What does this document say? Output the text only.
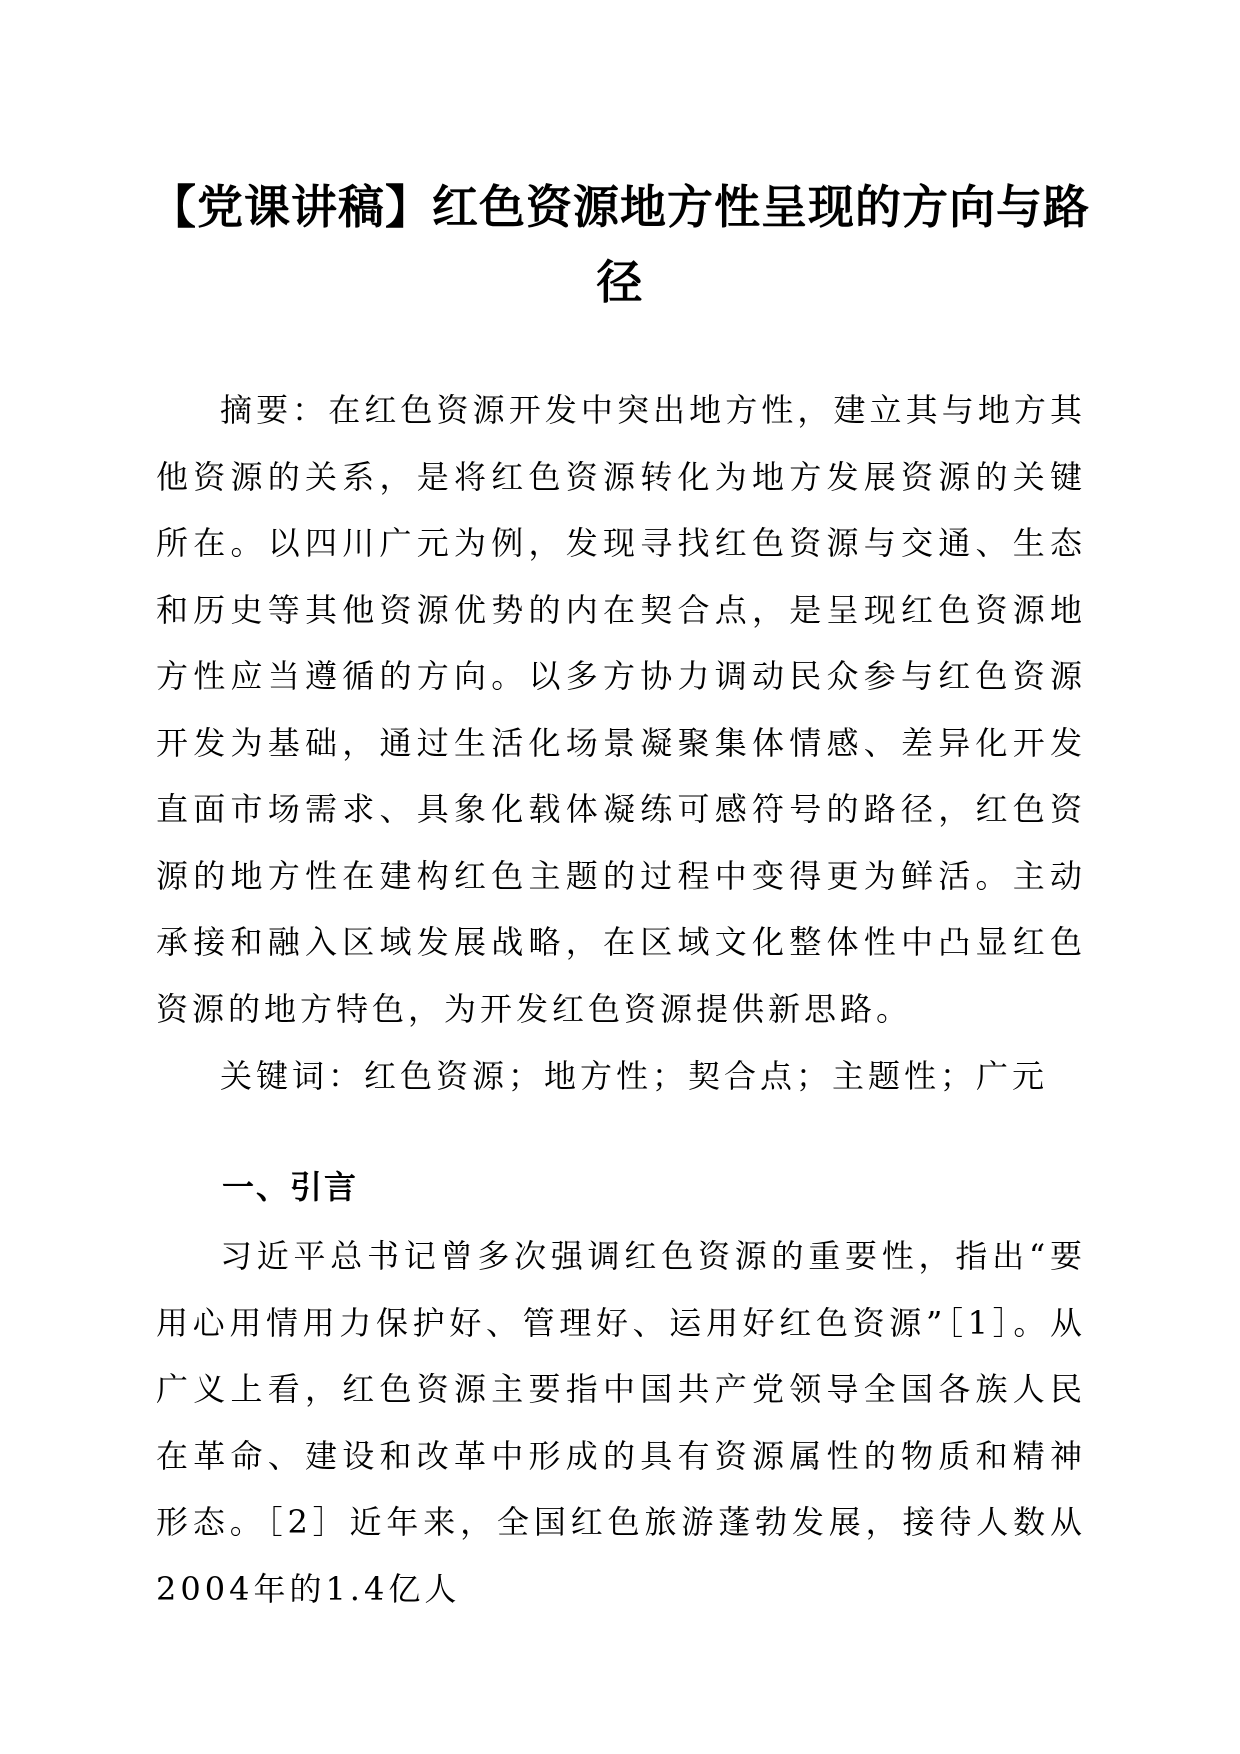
【党课讲稿】红色资源地方性呈现的方向与路径

摘要：在红色资源开发中突出地方性，建立其与地方其他资源的关系，是将红色资源转化为地方发展资源的关键所在。以四川广元为例，发现寻找红色资源与交通、生态和历史等其他资源优势的内在契合点，是呈现红色资源地方性应当遵循的方向。以多方协力调动民众参与红色资源开发为基础，通过生活化场景凝聚集体情感、差异化开发直面市场需求、具象化载体凝练可感符号的路径，红色资源的地方性在建构红色主题的过程中变得更为鲜活。主动承接和融入区域发展战略，在区域文化整体性中凸显红色资源的地方特色，为开发红色资源提供新思路。

关键词：红色资源；地方性；契合点；主题性；广元

一、引言

习近平总书记曾多次强调红色资源的重要性，指出“要用心用情用力保护好、管理好、运用好红色资源”［1］。从广义上看，红色资源主要指中国共产党领导全国各族人民在革命、建设和改革中形成的具有资源属性的物质和精神形态。［2］近年来，全国红色旅游蓬勃发展，接待人数从2004年的1.4亿人
